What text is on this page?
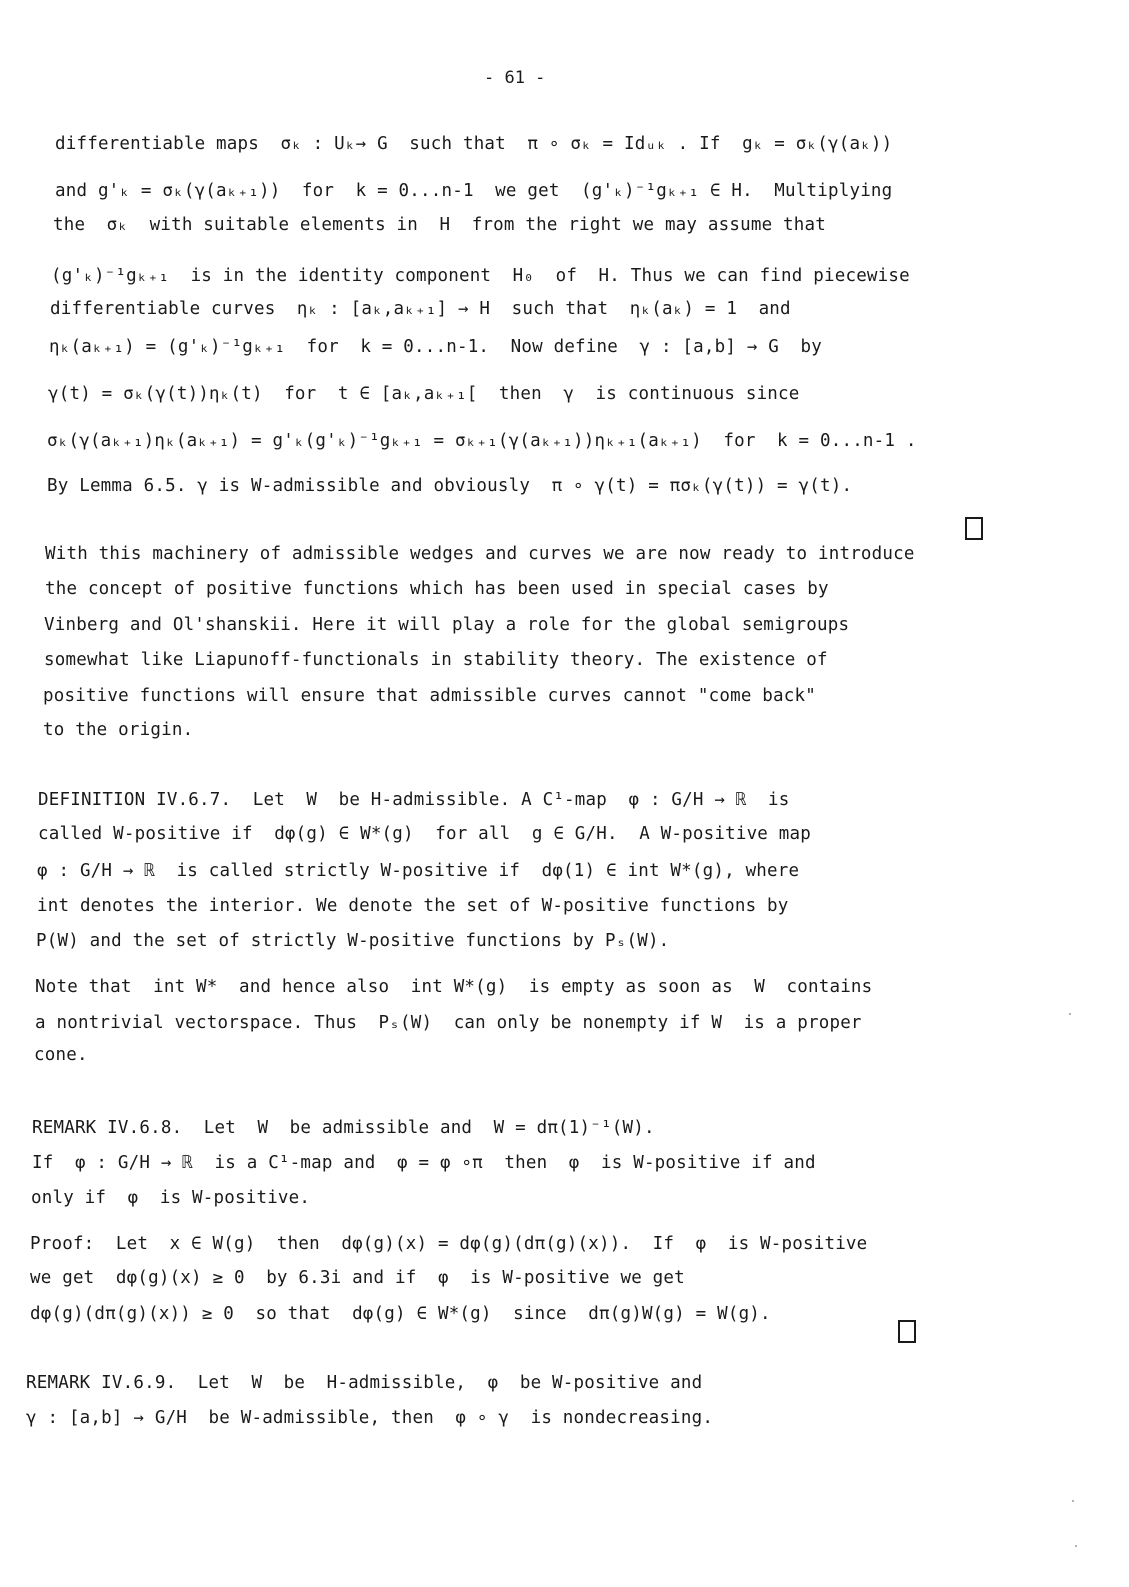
- 61 -
differentiable maps  σₖ : Uₖ→ G  such that  π ∘ σₖ = Idᵤₖ . If  gₖ = σₖ(γ(aₖ))
and g'ₖ = σₖ(γ(aₖ₊₁))  for  k = 0...n-1  we get  (g'ₖ)⁻¹gₖ₊₁ ∈ H.  Multiplying
the  σₖ  with suitable elements in  H  from the right we may assume that
(g'ₖ)⁻¹gₖ₊₁  is in the identity component  H₀  of  H. Thus we can find piecewise
differentiable curves  ηₖ : [aₖ,aₖ₊₁] → H  such that  ηₖ(aₖ) = 1  and
ηₖ(aₖ₊₁) = (g'ₖ)⁻¹gₖ₊₁  for  k = 0...n-1.  Now define  γ : [a,b] → G  by
γ(t) = σₖ(γ(t))ηₖ(t)  for  t ∈ [aₖ,aₖ₊₁[  then  γ  is continuous since
σₖ(γ(aₖ₊₁)ηₖ(aₖ₊₁) = g'ₖ(g'ₖ)⁻¹gₖ₊₁ = σₖ₊₁(γ(aₖ₊₁))ηₖ₊₁(aₖ₊₁)  for  k = 0...n-1 .
By Lemma 6.5. γ is W-admissible and obviously  π ∘ γ(t) = πσₖ(γ(t)) = γ(t).
With this machinery of admissible wedges and curves we are now ready to introduce
the concept of positive functions which has been used in special cases by
Vinberg and Ol'shanskii. Here it will play a role for the global semigroups
somewhat like Liapunoff-functionals in stability theory. The existence of
positive functions will ensure that admissible curves cannot "come back"
to the origin.
DEFINITION IV.6.7.  Let  W  be H-admissible. A C¹-map  φ : G/H → ℝ  is
called W-positive if  dφ(g) ∈ W*(g)  for all  g ∈ G/H.  A W-positive map
φ : G/H → ℝ  is called strictly W-positive if  dφ(1) ∈ int W*(g), where
int denotes the interior. We denote the set of W-positive functions by
P(W) and the set of strictly W-positive functions by Pₛ(W).
Note that  int W*  and hence also  int W*(g)  is empty as soon as  W  contains
a nontrivial vectorspace. Thus  Pₛ(W)  can only be nonempty if W  is a proper
cone.
REMARK IV.6.8.  Let  W  be admissible and  W = dπ(1)⁻¹(W).
If  φ : G/H → ℝ  is a C¹-map and  φ = φ ∘π  then  φ  is W-positive if and
only if  φ  is W-positive.
Proof:  Let  x ∈ W(g)  then  dφ(g)(x) = dφ(g)(dπ(g)(x)).  If  φ  is W-positive
we get  dφ(g)(x) ≥ 0  by 6.3i and if  φ  is W-positive we get
dφ(g)(dπ(g)(x)) ≥ 0  so that  dφ(g) ∈ W*(g)  since  dπ(g)W(g) = W(g).
REMARK IV.6.9.  Let  W  be  H-admissible,  φ  be W-positive and
γ : [a,b] → G/H  be W-admissible, then  φ ∘ γ  is nondecreasing.
